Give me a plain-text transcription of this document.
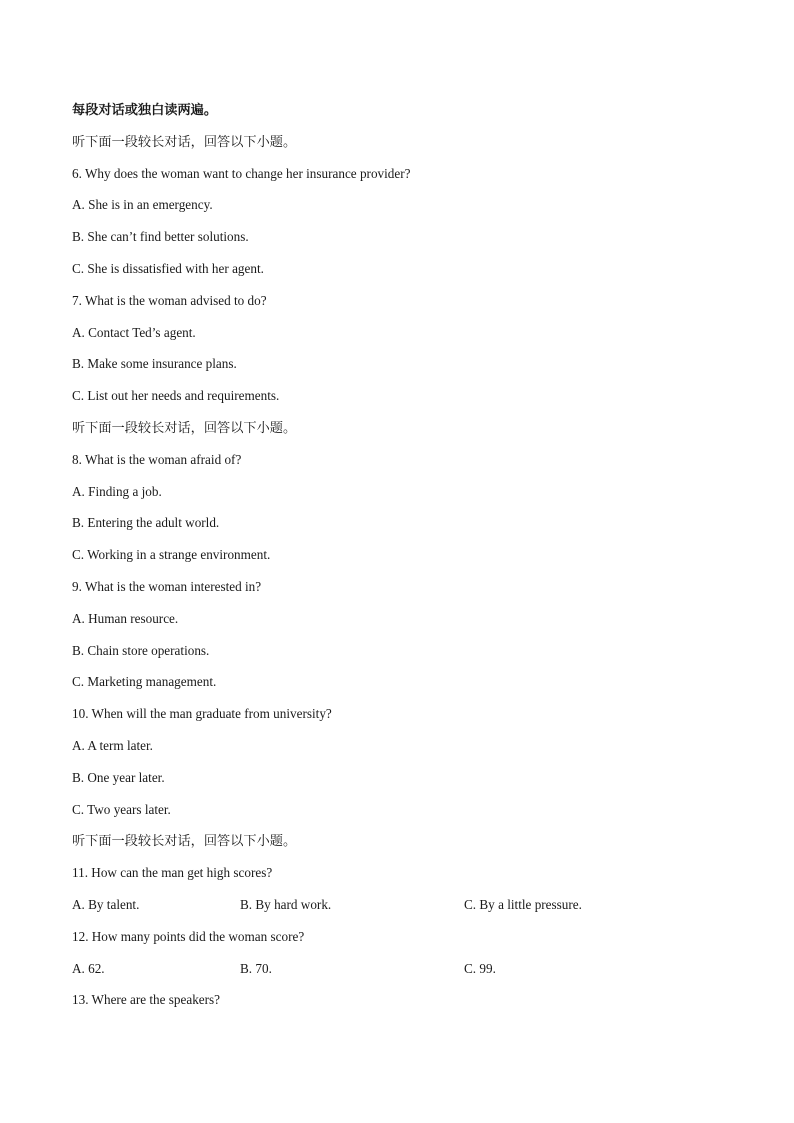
每段对话或独白读两遍。
听下面一段较长对话，回答以下小题。
6. Why does the woman want to change her insurance provider?
A. She is in an emergency.
B. She can’t find better solutions.
C. She is dissatisfied with her agent.
7. What is the woman advised to do?
A. Contact Ted’s agent.
B. Make some insurance plans.
C. List out her needs and requirements.
听下面一段较长对话，回答以下小题。
8. What is the woman afraid of?
A. Finding a job.
B. Entering the adult world.
C. Working in a strange environment.
9. What is the woman interested in?
A. Human resource.
B. Chain store operations.
C. Marketing management.
10. When will the man graduate from university?
A. A term later.
B. One year later.
C. Two years later.
听下面一段较长对话，回答以下小题。
11. How can the man get high scores?
A. By talent.	B. By hard work.	C. By a little pressure.
12. How many points did the woman score?
A. 62.	B. 70.	C. 99.
13. Where are the speakers?
